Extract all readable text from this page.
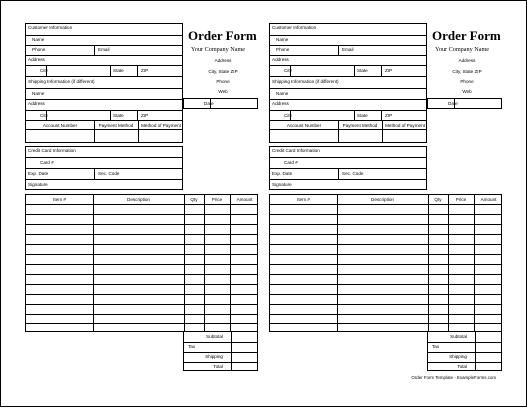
Customer Information
Name
Phone	Email
Address
City	State	ZIP
Shipping Information (if different)
Name
Address
City	State	ZIP
Account Number	Payment Method	Method of Payment
Order Form
Your Company Name
Address
City, State ZIP
Phone
Web
Date
Credit Card Information
Card #
Exp. Date	Sec. Code
Signature
Item #	Description	Qty	Price	Amount
Subtotal
Tax
Shipping
Total
Customer Information
Name
Phone	Email
Address
City	State	ZIP
Shipping Information (if different)
Name
Address
City	State	ZIP
Account Number	Payment Method	Method of Payment
Order Form
Your Company Name
Address
City, State ZIP
Phone
Web
Date
Credit Card Information
Card #
Exp. Date	Sec. Code
Signature
Item #	Description	Qty	Price	Amount
Subtotal
Tax
Shipping
Total
Order Form Template - ExampleForms.com
